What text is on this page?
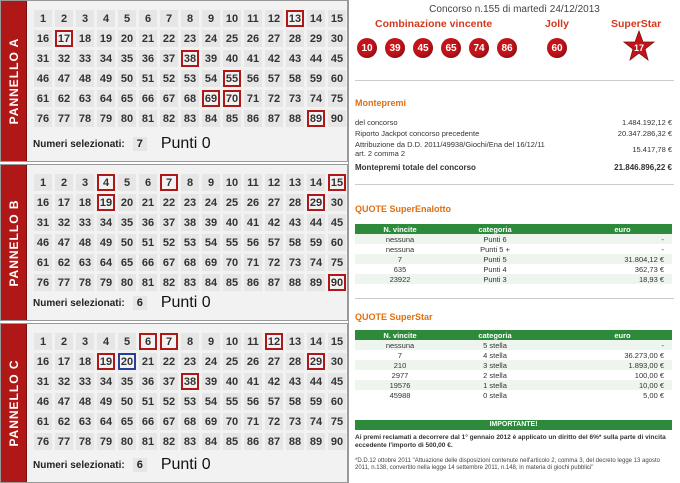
PANNELLO A
1	2	3	4	5	6	7	8	9	10 11 12 13 14 15
16 17 18 19 20 21 22 23 24 25 26 27 28 29 30
31 32 33 34 35 36 37 38 39 40 41 42 43 44 45
46 47 48 49 50 51 52 53 54 55 56 57 58 59 60
61 62 63 64 65 66 67 68 69 70 71 72 73 74 75
76 77 78 79 80 81 82 83 84 85 86 87 88 89 90
Numeri selezionati:	7 Punti 0
PANNELLO B
1	2	3	4	5	6	7	8	9	10 11 12 13 14 15
16 17 18 19 20 21 22 23 24 25 26 27 28 29 30
31 32 33 34 35 36 37 38 39 40 41 42 43 44 45
46 47 48 49 50 51 52 53 54 55 56 57 58 59 60
61 62 63 64 65 66 67 68 69 70 71 72 73 74 75
76 77 78 79 80 81 82 83 84 85 86 87 88 89 90
Numeri selezionati:	6 Punti 0
PANNELLO C
1	2	3	4	5	6	7	8	9	10 11 12 13 14 15
16 17 18 19 20 21 22 23 24 25 26 27 28 29 30
31 32 33 34 35 36 37 38 39 40 41 42 43 44 45
46 47 48 49 50 51 52 53 54 55 56 57 58 59 60
61 62 63 64 65 66 67 68 69 70 71 72 73 74 75
76 77 78 79 80 81 82 83 84 85 86 87 88 89 90
Numeri selezionati:	6 Punti 0
Concorso n.155 di martedì 24/12/2013
Combinazione vincente	Jolly	SuperStar
10	39	45	65	74	86	60	17
Montepremi
del concorso	1.484.192,12 €
Riporto Jackpot concorso precedente	20.347.286,32 €
Attribuzione da D.D. 2011/49938/Giochi/Ena del 16/12/11 art. 2 comma 2	15.417,78 €
Montepremi totale del concorso	21.846.896,22 €
QUOTE SuperEnalotto
N. vincite	categoria	euro
nessuna	Punti 6	-
nessuna	Punti 5 +	-
7	Punti 5	31.804,12 €
635	Punti 4	362,73 €
23922	Punti 3	18,93 €
QUOTE SuperStar
N. vincite	categoria	euro
nessuna	5 stella	-
7	4 stella	36.273,00 €
210	3 stella	1.893,00 €
2977	2 stella	100,00 €
19576	1 stella	10,00 €
45988	0 stella	5,00 €
IMPORTANTE!
Ai premi reclamati a decorrere dal 1° gennaio 2012 è applicato un diritto del 6%* sulla parte di vincita eccedente l'importo di 500,00 €.
*D.D.12 ottobre 2011 "Attuazione delle disposizioni contenute nell'articolo 2, comma 3, del decreto legge 13 agosto 2011, n.138, convertito nella legge 14 settembre 2011, n.148, in materia di giochi pubblici"
